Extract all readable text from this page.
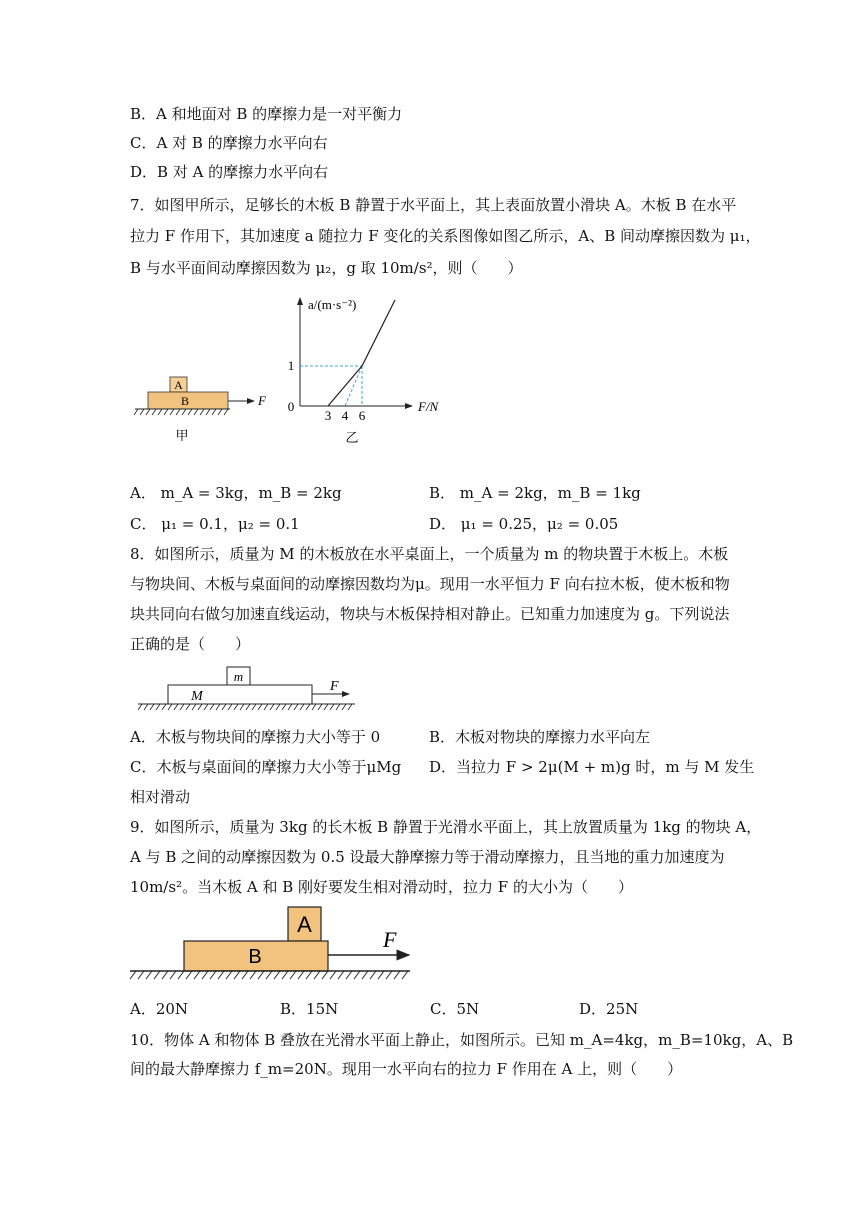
B．A 和地面对 B 的摩擦力是一对平衡力
C．A 对 B 的摩擦力水平向右
D．B 对 A 的摩擦力水平向右
7．如图甲所示，足够长的木板 B 静置于水平面上，其上表面放置小滑块 A。木板 B 在水平
拉力 F 作用下，其加速度 a 随拉力 F 变化的关系图像如图乙所示，A、B 间动摩擦因数为 μ₁，
B 与水平面间动摩擦因数为 μ₂，g 取 10m/s²，则（　　）
A
B	F
甲
a/(m·s⁻²)
F/N
0
1
3 4 6
乙
A． m_A = 3kg，m_B = 2kg	B． m_A = 2kg，m_B = 1kg
C． μ₁ = 0.1，μ₂ = 0.1	D． μ₁ = 0.25，μ₂ = 0.05
8．如图所示，质量为 M 的木板放在水平桌面上，一个质量为 m 的物块置于木板上。木板
与物块间、木板与桌面间的动摩擦因数均为μ。现用一水平恒力 F 向右拉木板，使木板和物
块共同向右做匀加速直线运动，物块与木板保持相对静止。已知重力加速度为 g。下列说法
正确的是（　　）
m
M
F
A．木板与物块间的摩擦力大小等于 0	B．木板对物块的摩擦力水平向左
C．木板与桌面间的摩擦力大小等于μMg D．当拉力 F > 2μ(M + m)g 时，m 与 M 发生
相对滑动
9．如图所示，质量为 3kg 的长木板 B 静置于光滑水平面上，其上放置质量为 1kg 的物块 A，
A 与 B 之间的动摩擦因数为 0.5 设最大静摩擦力等于滑动摩擦力，且当地的重力加速度为
10m/s²。当木板 A 和 B 刚好要发生相对滑动时，拉力 F 的大小为（　　）
A
B
F
A．20N	B．15N	C．5N	D．25N
10．物体 A 和物体 B 叠放在光滑水平面上静止，如图所示。已知 m_A=4kg，m_B=10kg，A、B
间的最大静摩擦力 f_m=20N。现用一水平向右的拉力 F 作用在 A 上，则（　　）
